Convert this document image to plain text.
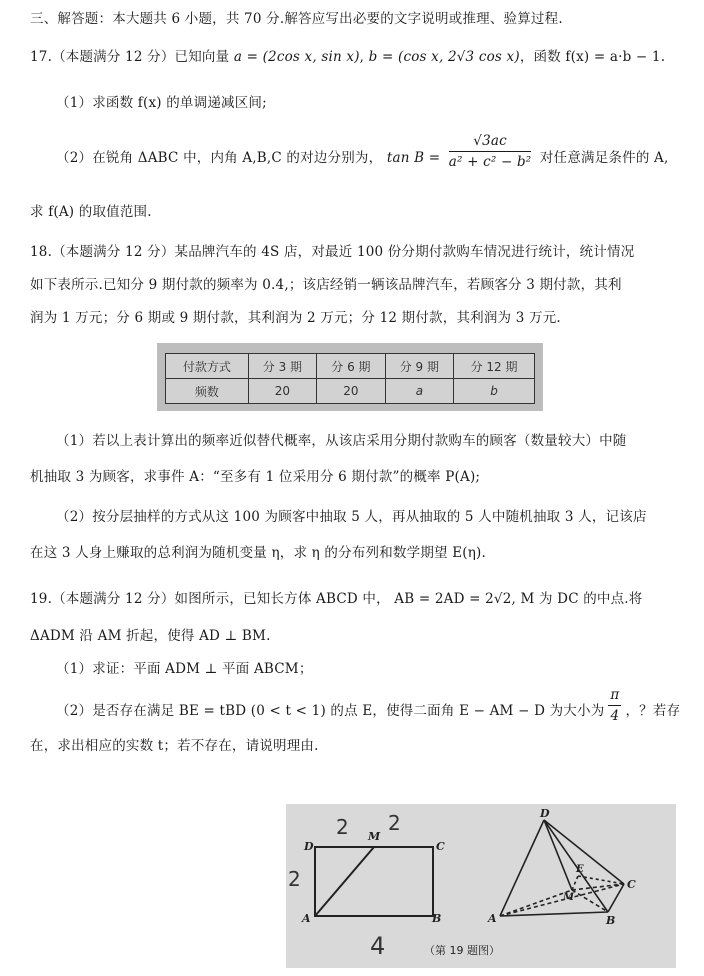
三、解答题：本大题共 6 小题，共 70 分.解答应写出必要的文字说明或推理、验算过程.
17.（本题满分 12 分）已知向量 a = (2cos x, sin x), b = (cos x, 2√3 cos x)，函数 f(x) = a·b − 1.
（1）求函数 f(x) 的单调递减区间;
（2）在锐角 ΔABC 中，内角 A,B,C 的对边分别为， $\tan B = \frac{√3ac}{\text{a² + c² − b²}}$ 对任意满足条件的 A,
求 f(A) 的取值范围.
18.（本题满分 12 分）某品牌汽车的 4S 店，对最近 100 份分期付款购车情况进行统计，统计情况
如下表所示.已知分 9 期付款的频率为 0.4,；该店经销一辆该品牌汽车，若顾客分 3 期付款，其利
润为 1 万元；分 6 期或 9 期付款，其利润为 2 万元；分 12 期付款，其利润为 3 万元.
付款方式	分 3 期	分 6 期	分 9 期	分 12 期
频数	20	20	a	b
（1）若以上表计算出的频率近似替代概率，从该店采用分期付款购车的顾客（数量较大）中随
机抽取 3 为顾客，求事件 A：“至多有 1 位采用分 6 期付款”的概率 P(A);
（2）按分层抽样的方式从这 100 为顾客中抽取 5 人，再从抽取的 5 人中随机抽取 3 人，记该店
在这 3 人身上赚取的总利润为随机变量 η，求 η 的分布列和数学期望 E(η).
19.（本题满分 12 分）如图所示，已知长方体 ABCD 中， AB = 2AD = 2√2, M 为 DC 的中点.将
ΔADM 沿 AM 折起，使得 AD ⊥ BM.
（1）求证：平面 ADM ⊥ 平面 ABCM；
（2）是否存在满足 BE = tBD (0 < t < 1) 的点 E，使得二面角 E − AM − D 为大小为 $\frac{\pi}{4}$ ，？若存
在，求出相应的实数 t；若不存在，请说明理由.
D
M
C
A	B
2 2
2
4	（第 19 题图）
D
E
M
C
A	B
